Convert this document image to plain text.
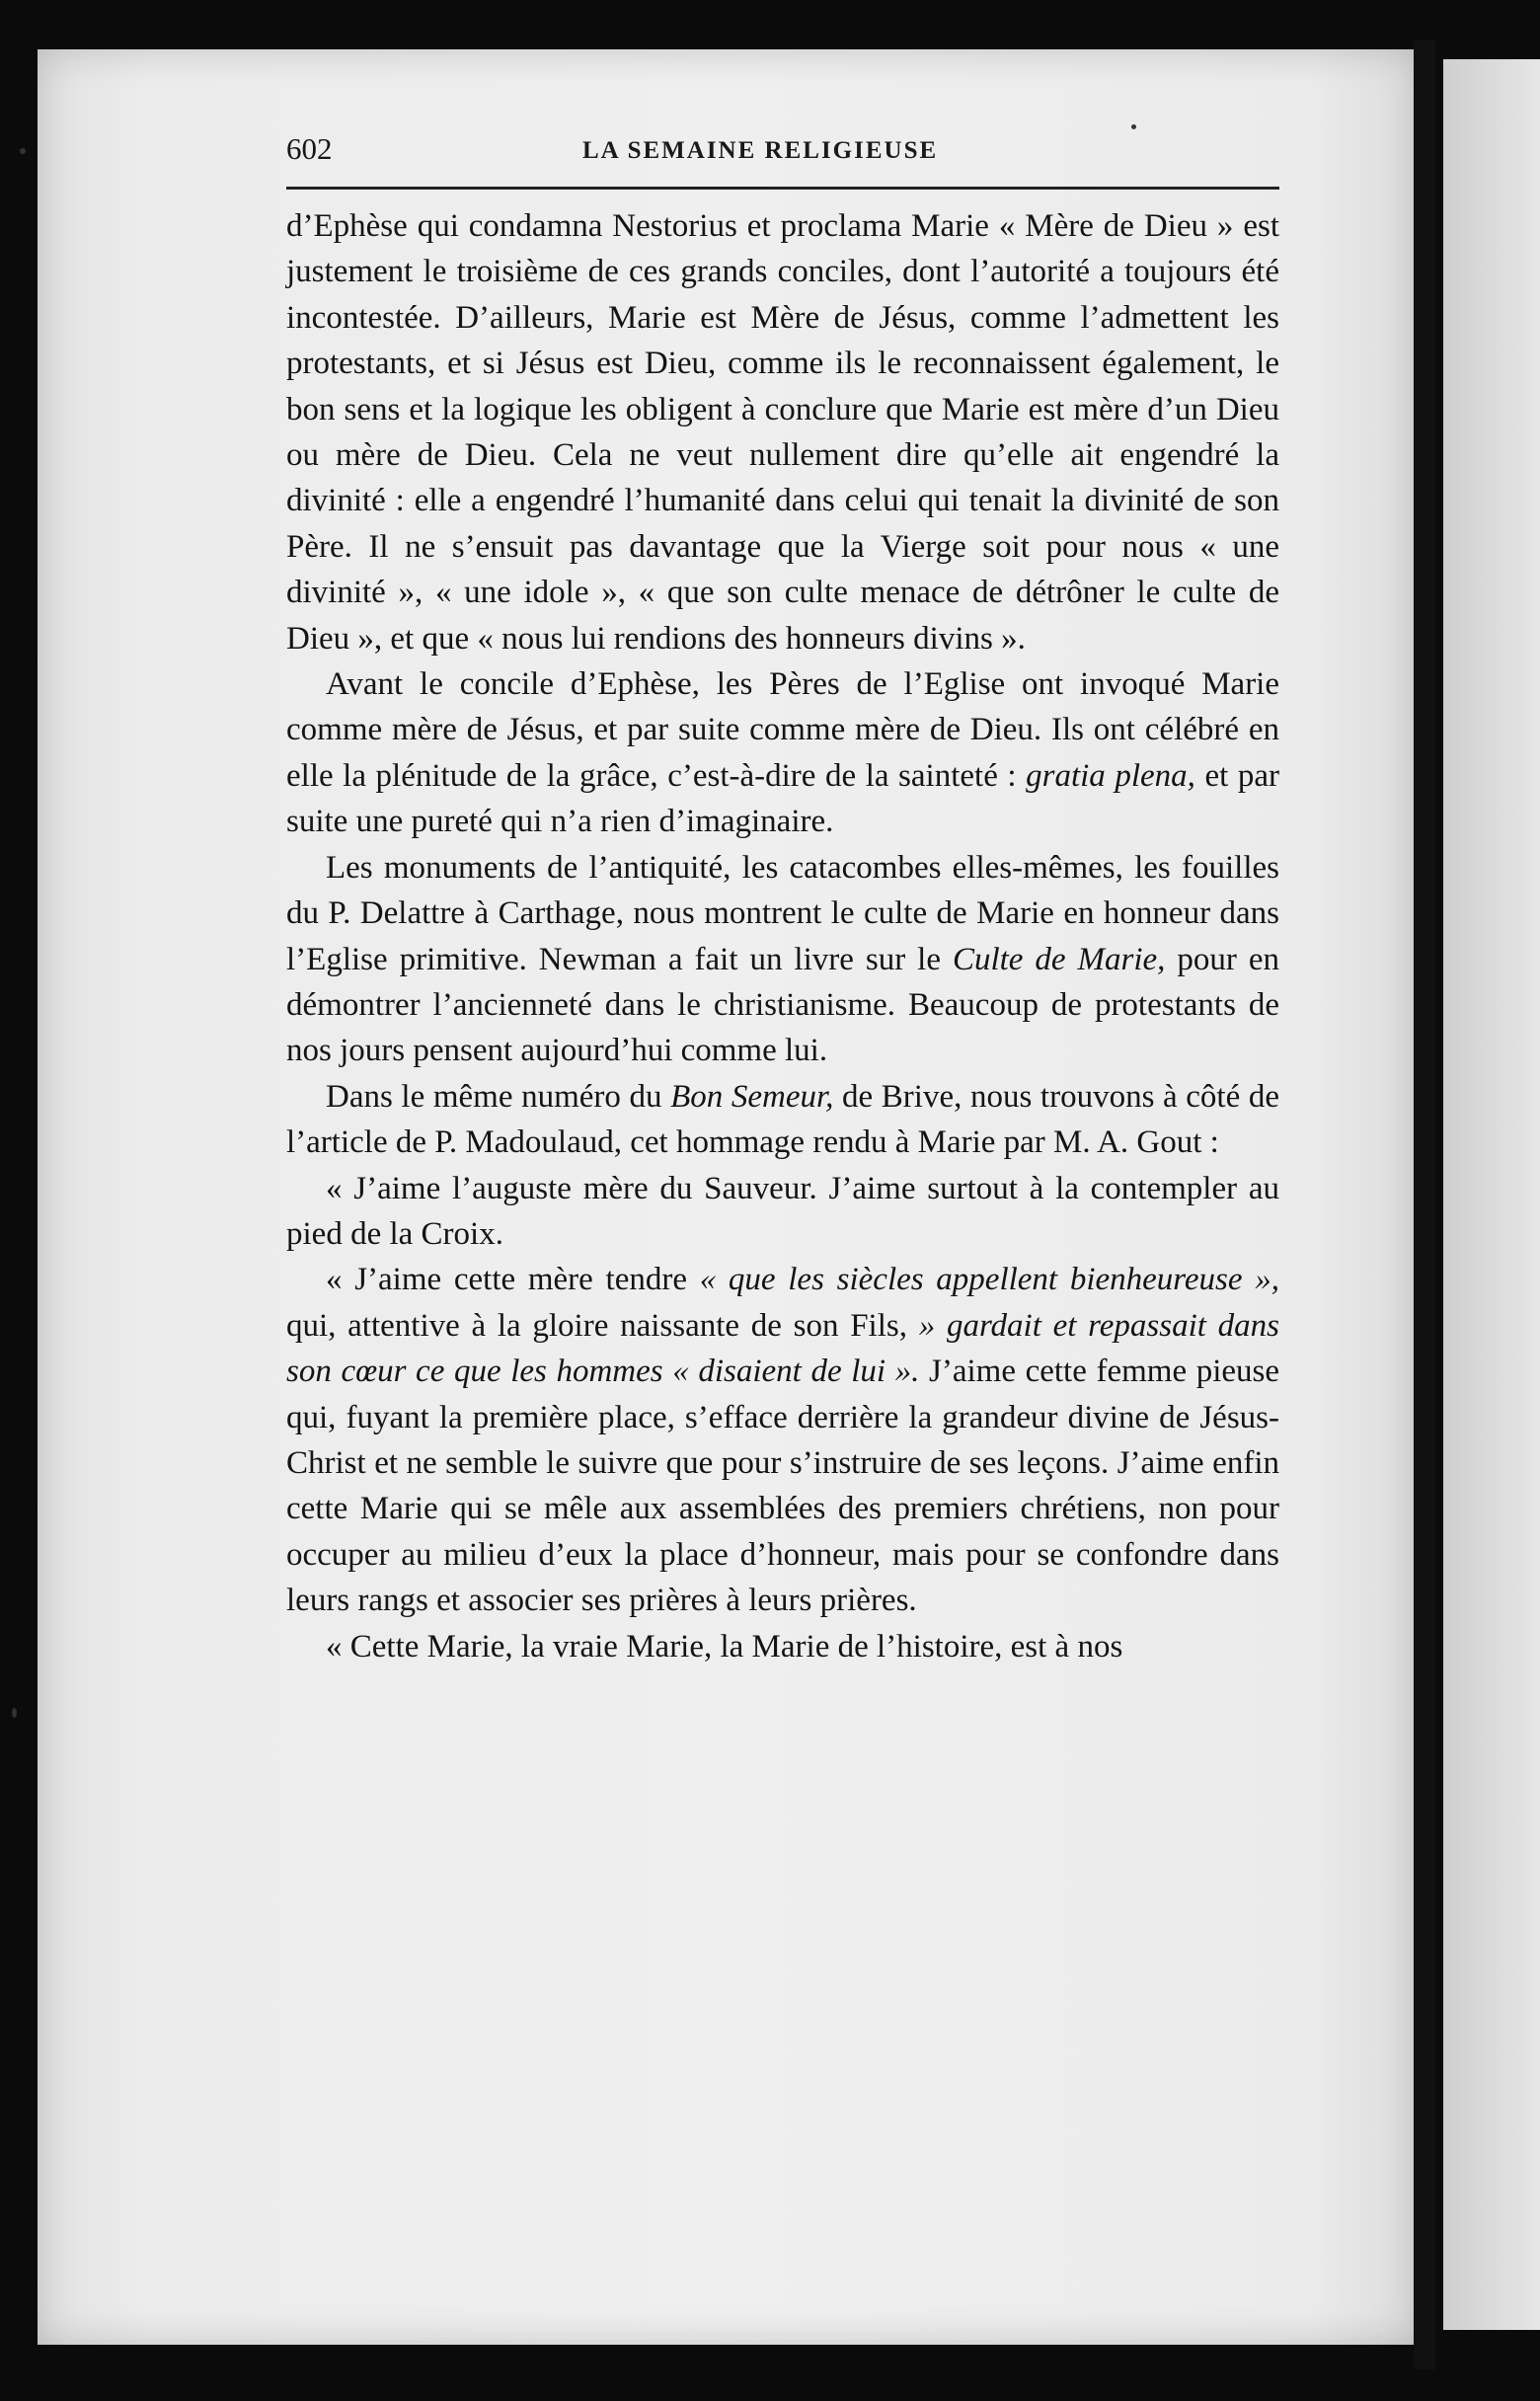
602	LA SEMAINE RELIGIEUSE

d’Ephèse qui condamna Nestorius et proclama Marie « Mère de Dieu » est justement le troisième de ces grands conciles, dont l’autorité a toujours été incontestée. D’ailleurs, Marie est Mère de Jésus, comme l’admettent les protestants, et si Jésus est Dieu, comme ils le reconnaissent également, le bon sens et la logique les obligent à conclure que Marie est mère d’un Dieu ou mère de Dieu. Cela ne veut nullement dire qu’elle ait engendré la divinité : elle a engendré l’humanité dans celui qui tenait la divinité de son Père. Il ne s’ensuit pas davantage que la Vierge soit pour nous « une divinité », « une idole », « que son culte menace de détrôner le culte de Dieu », et que « nous lui rendions des honneurs divins ».

Avant le concile d’Ephèse, les Pères de l’Eglise ont invoqué Marie comme mère de Jésus, et par suite comme mère de Dieu. Ils ont célébré en elle la plénitude de la grâce, c’est-à-dire de la sainteté : gratia plena, et par suite une pureté qui n’a rien d’imaginaire.

Les monuments de l’antiquité, les catacombes elles-mêmes, les fouilles du P. Delattre à Carthage, nous montrent le culte de Marie en honneur dans l’Eglise primitive. Newman a fait un livre sur le Culte de Marie, pour en démontrer l’ancienneté dans le christianisme. Beaucoup de protestants de nos jours pensent aujourd’hui comme lui.

Dans le même numéro du Bon Semeur, de Brive, nous trouvons à côté de l’article de P. Madoulaud, cet hommage rendu à Marie par M. A. Gout :

« J’aime l’auguste mère du Sauveur. J’aime surtout à la contempler au pied de la Croix.

« J’aime cette mère tendre « que les siècles appellent bienheureuse », qui, attentive à la gloire naissante de son Fils, » gardait et repassait dans son cœur ce que les hommes « disaient de lui ». J’aime cette femme pieuse qui, fuyant la première place, s’efface derrière la grandeur divine de Jésus-Christ et ne semble le suivre que pour s’instruire de ses leçons. J’aime enfin cette Marie qui se mêle aux assemblées des premiers chrétiens, non pour occuper au milieu d’eux la place d’honneur, mais pour se confondre dans leurs rangs et associer ses prières à leurs prières.

« Cette Marie, la vraie Marie, la Marie de l’histoire, est à nos
